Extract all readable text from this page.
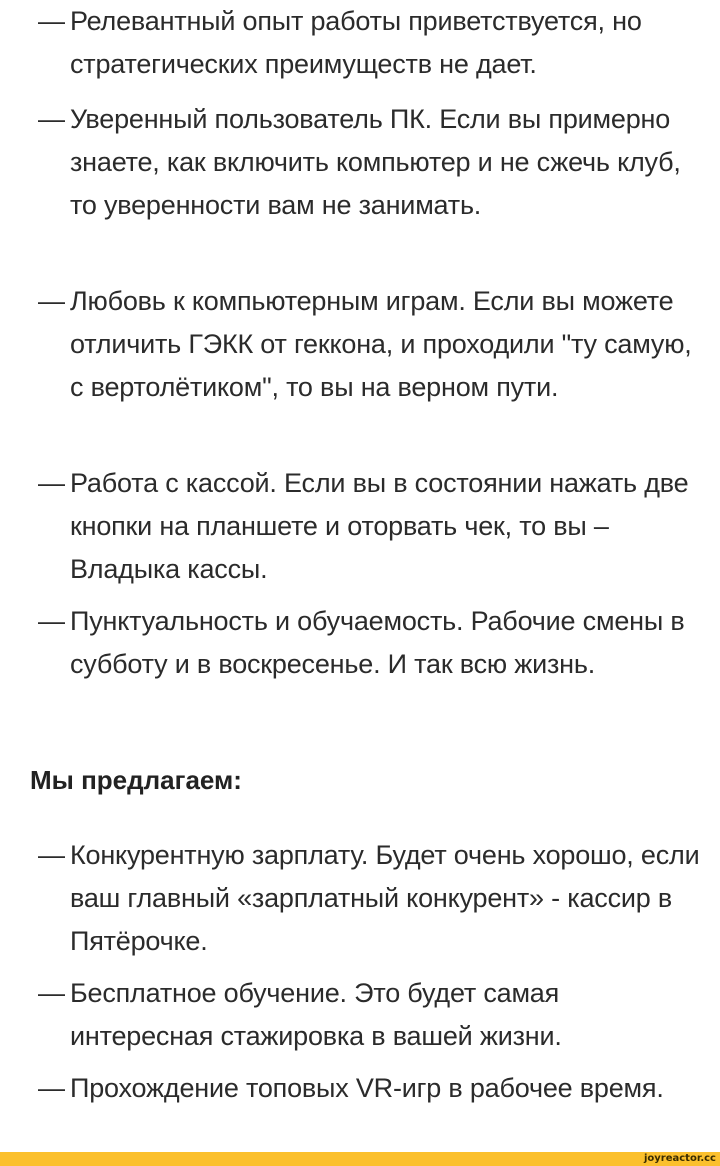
— Релевантный опыт работы приветствуется, но стратегических преимуществ не дает.
— Уверенный пользователь ПК. Если вы примерно знаете, как включить компьютер и не сжечь клуб, то уверенности вам не занимать.
— Любовь к компьютерным играм. Если вы можете отличить ГЭКК от геккона, и проходили "ту самую, с вертолётиком", то вы на верном пути.
— Работа с кассой. Если вы в состоянии нажать две кнопки на планшете и оторвать чек, то вы – Владыка кассы.
— Пунктуальность и обучаемость. Рабочие смены в субботу и в воскресенье. И так всю жизнь.
Мы предлагаем:
— Конкурентную зарплату. Будет очень хорошо, если ваш главный «зарплатный конкурент» - кассир в Пятёрочке.
— Бесплатное обучение. Это будет самая интересная стажировка в вашей жизни.
— Прохождение топовых VR-игр в рабочее время.
joyreactor.cc
